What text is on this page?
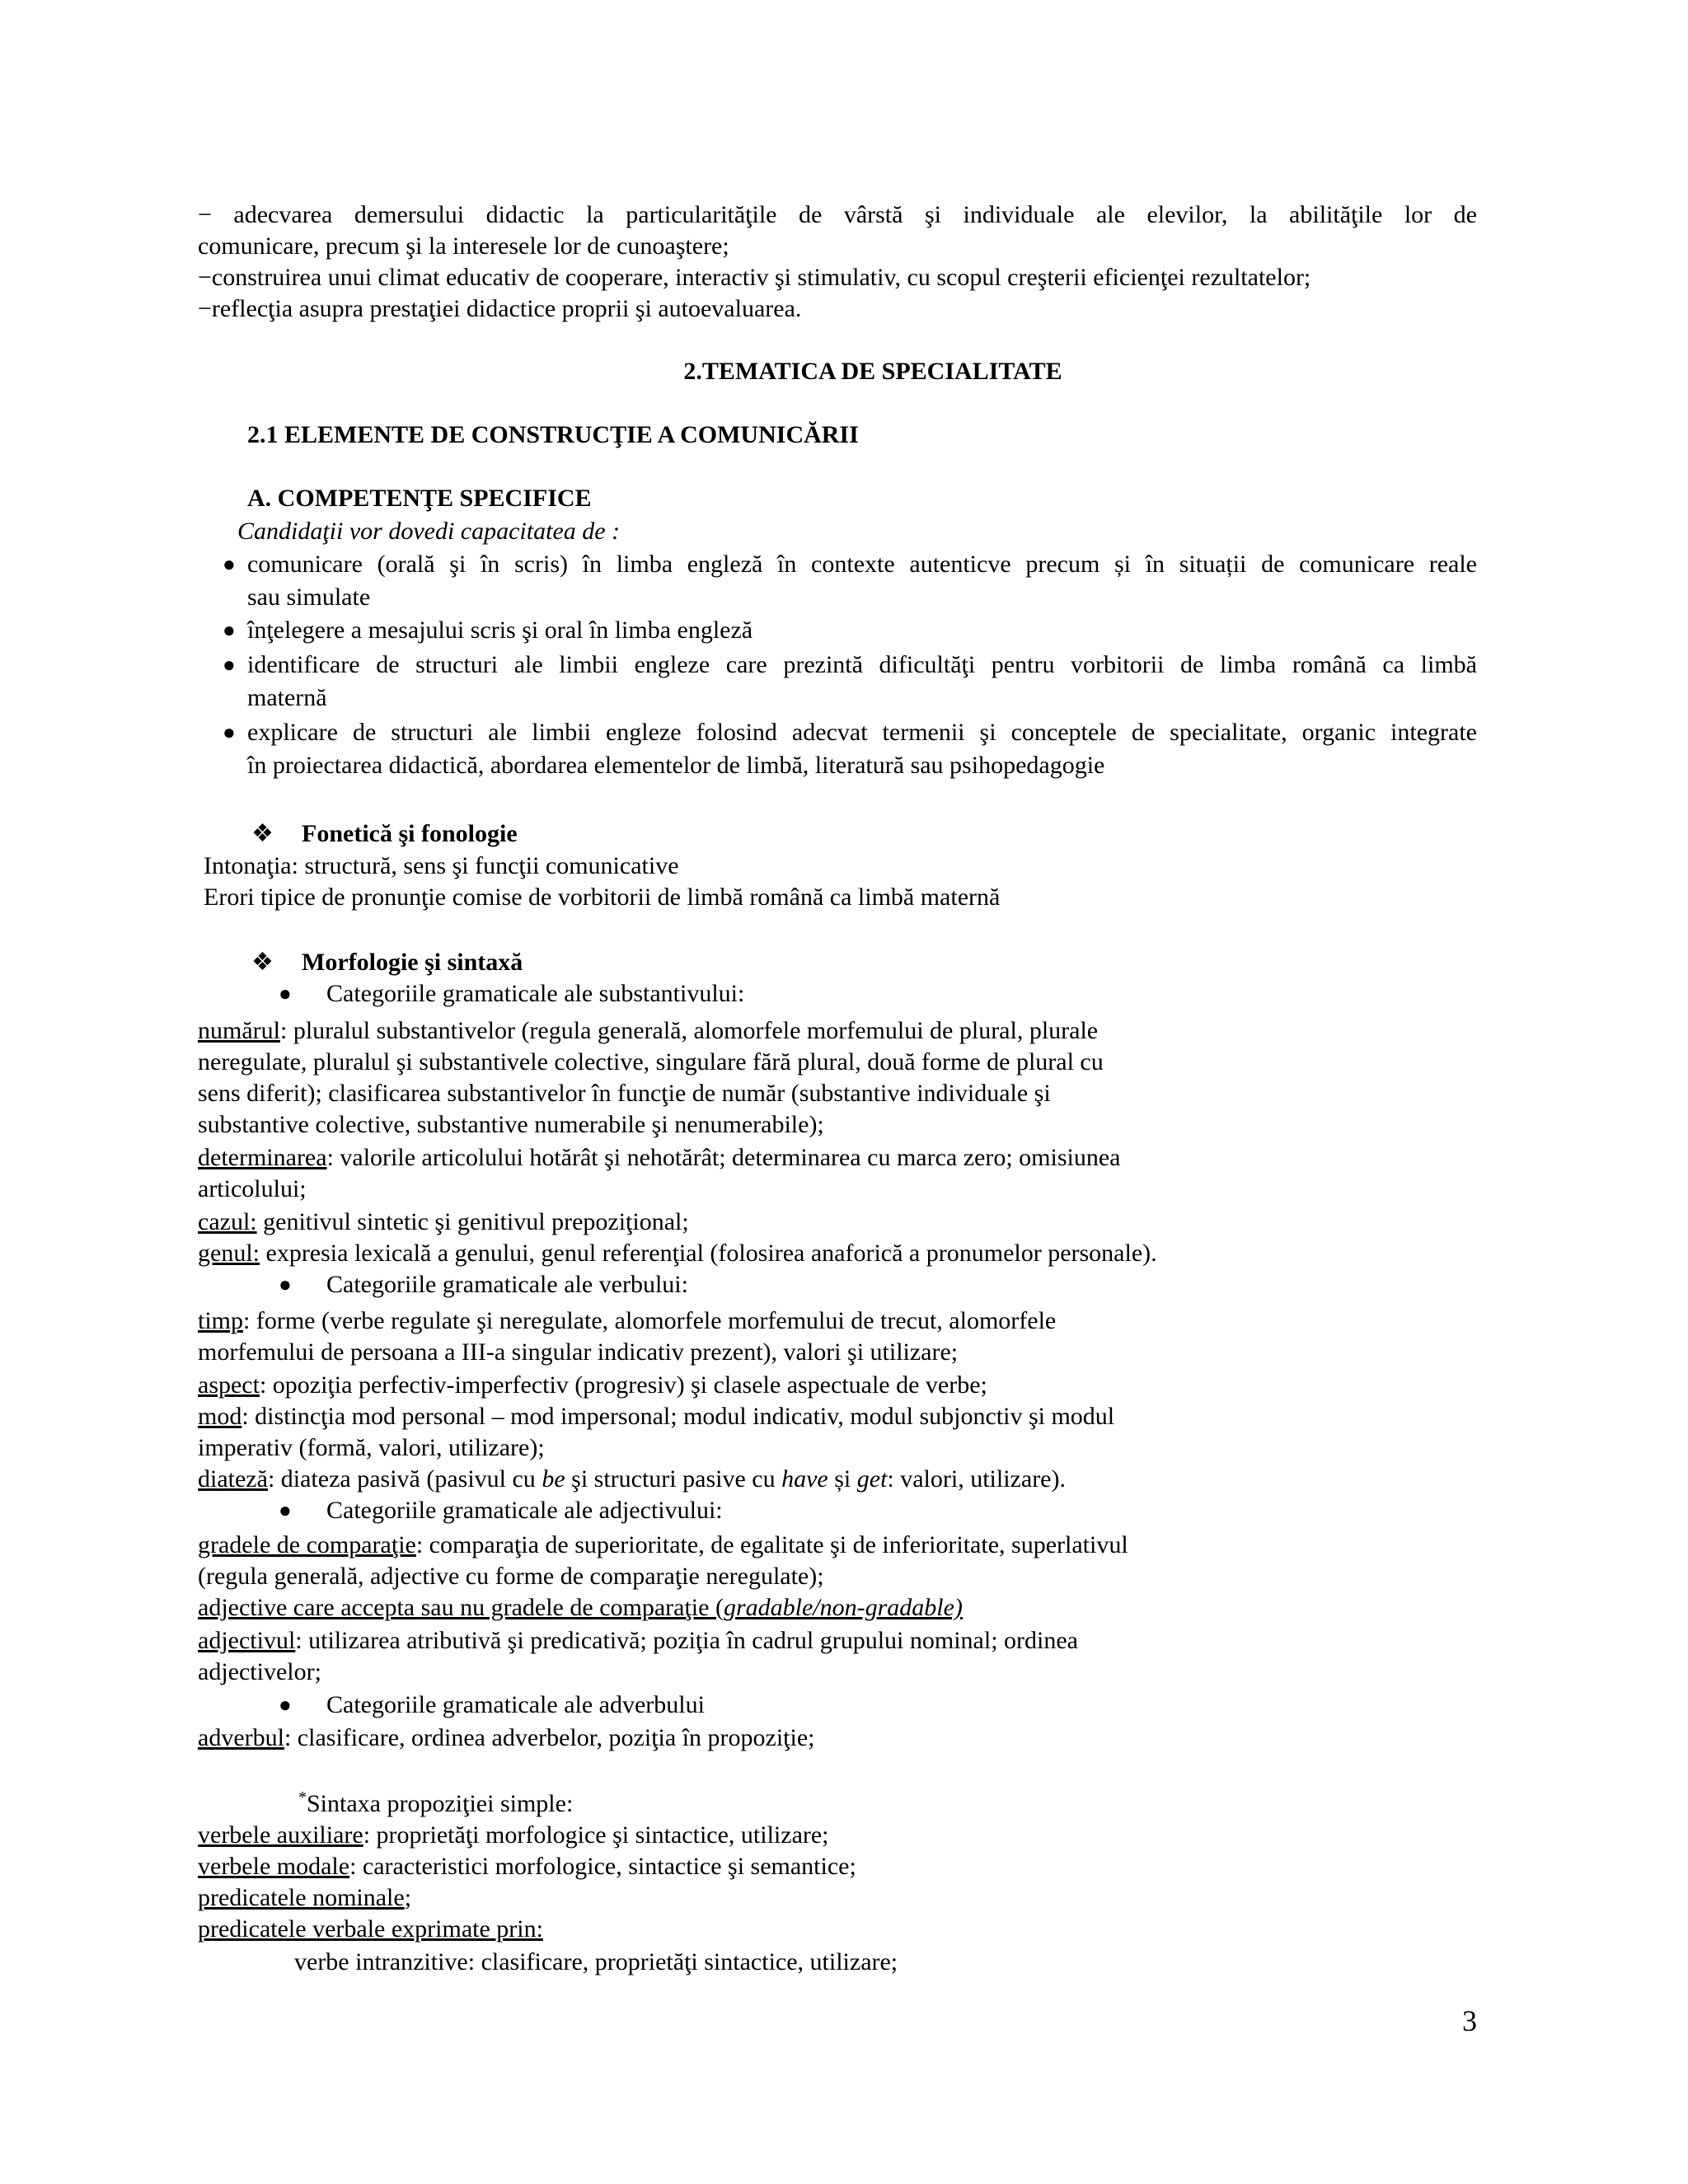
− adecvarea demersului didactic la particularităţile de vârstă şi individuale ale elevilor, la abilităţile lor de
comunicare, precum şi la interesele lor de cunoaştere;
−construirea unui climat educativ de cooperare, interactiv şi stimulativ, cu scopul creşterii eficienţei rezultatelor;
−reflecţia asupra prestaţiei didactice proprii şi autoevaluarea.
2.TEMATICA DE SPECIALITATE
2.1 ELEMENTE DE CONSTRUCŢIE A COMUNICĂRII
A. COMPETENŢE SPECIFICE
Candidaţii vor dovedi capacitatea de :
● comunicare (orală şi în scris) în limba engleză în contexte autenticve precum și în situații de comunicare reale
sau simulate
● înţelegere a mesajului scris şi oral în limba engleză
● identificare de structuri ale limbii engleze care prezintă dificultăţi pentru vorbitorii de limba română ca limbă
maternă
● explicare de structuri ale limbii engleze folosind adecvat termenii şi conceptele de specialitate, organic integrate
în proiectarea didactică, abordarea elementelor de limbă, literatură sau psihopedagogie
❖ Fonetică şi fonologie
Intonaţia: structură, sens şi funcţii comunicative
Erori tipice de pronunţie comise de vorbitorii de limbă română ca limbă maternă
❖ Morfologie şi sintaxă
● Categoriile gramaticale ale substantivului:
numărul: pluralul substantivelor (regula generală, alomorfele morfemului de plural, plurale
neregulate, pluralul şi substantivele colective, singulare fără plural, două forme de plural cu
sens diferit); clasificarea substantivelor în funcţie de număr (substantive individuale şi
substantive colective, substantive numerabile şi nenumerabile);
determinarea: valorile articolului hotărât şi nehotărât; determinarea cu marca zero; omisiunea
articolului;
cazul: genitivul sintetic şi genitivul prepoziţional;
genul: expresia lexicală a genului, genul referenţial (folosirea anaforică a pronumelor personale).
● Categoriile gramaticale ale verbului:
timp: forme (verbe regulate şi neregulate, alomorfele morfemului de trecut, alomorfele
morfemului de persoana a III-a singular indicativ prezent), valori şi utilizare;
aspect: opoziţia perfectiv-imperfectiv (progresiv) şi clasele aspectuale de verbe;
mod: distincţia mod personal – mod impersonal; modul indicativ, modul subjonctiv şi modul
imperativ (formă, valori, utilizare);
diateză: diateza pasivă (pasivul cu be şi structuri pasive cu have și get: valori, utilizare).
● Categoriile gramaticale ale adjectivului:
gradele de comparaţie: comparaţia de superioritate, de egalitate şi de inferioritate, superlativul
(regula generală, adjective cu forme de comparaţie neregulate);
adjective care accepta sau nu gradele de comparaţie (gradable/non-gradable)
adjectivul: utilizarea atributivă şi predicativă; poziţia în cadrul grupului nominal; ordinea
adjectivelor;
● Categoriile gramaticale ale adverbului
adverbul: clasificare, ordinea adverbelor, poziţia în propoziţie;
*Sintaxa propoziţiei simple:
verbele auxiliare: proprietăţi morfologice şi sintactice, utilizare;
verbele modale: caracteristici morfologice, sintactice şi semantice;
predicatele nominale;
predicatele verbale exprimate prin:
verbe intranzitive: clasificare, proprietăţi sintactice, utilizare;
3
